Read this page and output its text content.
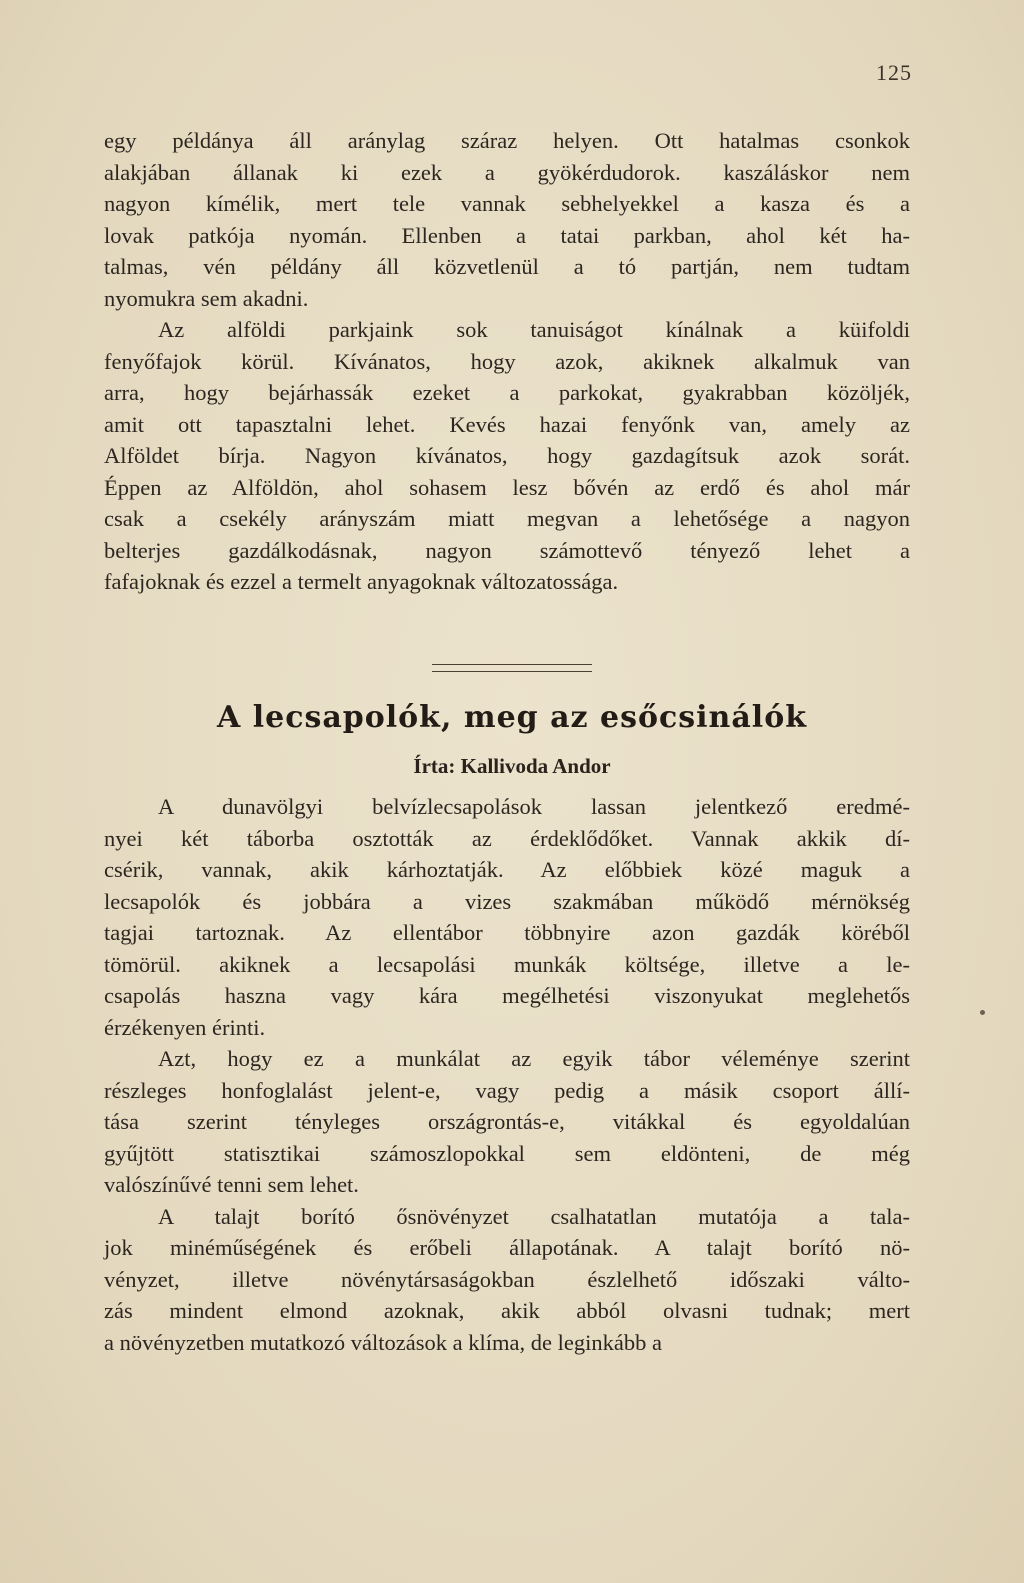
125

egy példánya áll aránylag száraz helyen. Ott hatalmas csonkok

alakjában állanak ki ezek a gyökérdudorok. kaszáláskor nem

nagyon kímélik, mert tele vannak sebhelyekkel a kasza és a

lovak patkója nyomán. Ellenben a tatai parkban, ahol két ha-

talmas, vén példány áll közvetlenül a tó partján, nem tudtam

nyomukra sem akadni.

Az alföldi parkjaink sok tanuiságot kínálnak a küifoldi

fenyőfajok körül. Kívánatos, hogy azok, akiknek alkalmuk van

arra, hogy bejárhassák ezeket a parkokat, gyakrabban közöljék,

amit ott tapasztalni lehet. Kevés hazai fenyőnk van, amely az

Alföldet bírja. Nagyon kívánatos, hogy gazdagítsuk azok sorát.

Éppen az Alföldön, ahol sohasem lesz bővén az erdő és ahol már

csak a csekély arányszám miatt megvan a lehetősége a nagyon

belterjes gazdálkodásnak, nagyon számottevő tényező lehet a

fafajoknak és ezzel a termelt anyagoknak változatossága.

A lecsapolók, meg az esőcsinálók
Írta: Kallivoda Andor

A dunavölgyi belvízlecsapolások lassan jelentkező eredmé-

nyei két táborba osztották az érdeklődőket. Vannak akkik dí-

csérik, vannak, akik kárhoztatják. Az előbbiek közé maguk a

lecsapolók és jobbára a vizes szakmában működő mérnökség

tagjai tartoznak. Az ellentábor többnyire azon gazdák köréből

tömörül. akiknek a lecsapolási munkák költsége, illetve a le-

csapolás haszna vagy kára megélhetési viszonyukat meglehetős

érzékenyen érinti.

Azt, hogy ez a munkálat az egyik tábor véleménye szerint

részleges honfoglalást jelent-e, vagy pedig a másik csoport állí-

tása szerint tényleges országrontás-e, vitákkal és egyoldalúan

gyűjtött statisztikai számoszlopokkal sem eldönteni, de még

valószínűvé tenni sem lehet.

A talajt borító ősnövényzet csalhatatlan mutatója a tala-

jok minéműségének és erőbeli állapotának. A talajt borító nö-

vényzet, illetve növénytársaságokban észlelhető időszaki válto-

zás mindent elmond azoknak, akik abból olvasni tudnak; mert

a növényzetben mutatkozó változások a klíma, de leginkább a
